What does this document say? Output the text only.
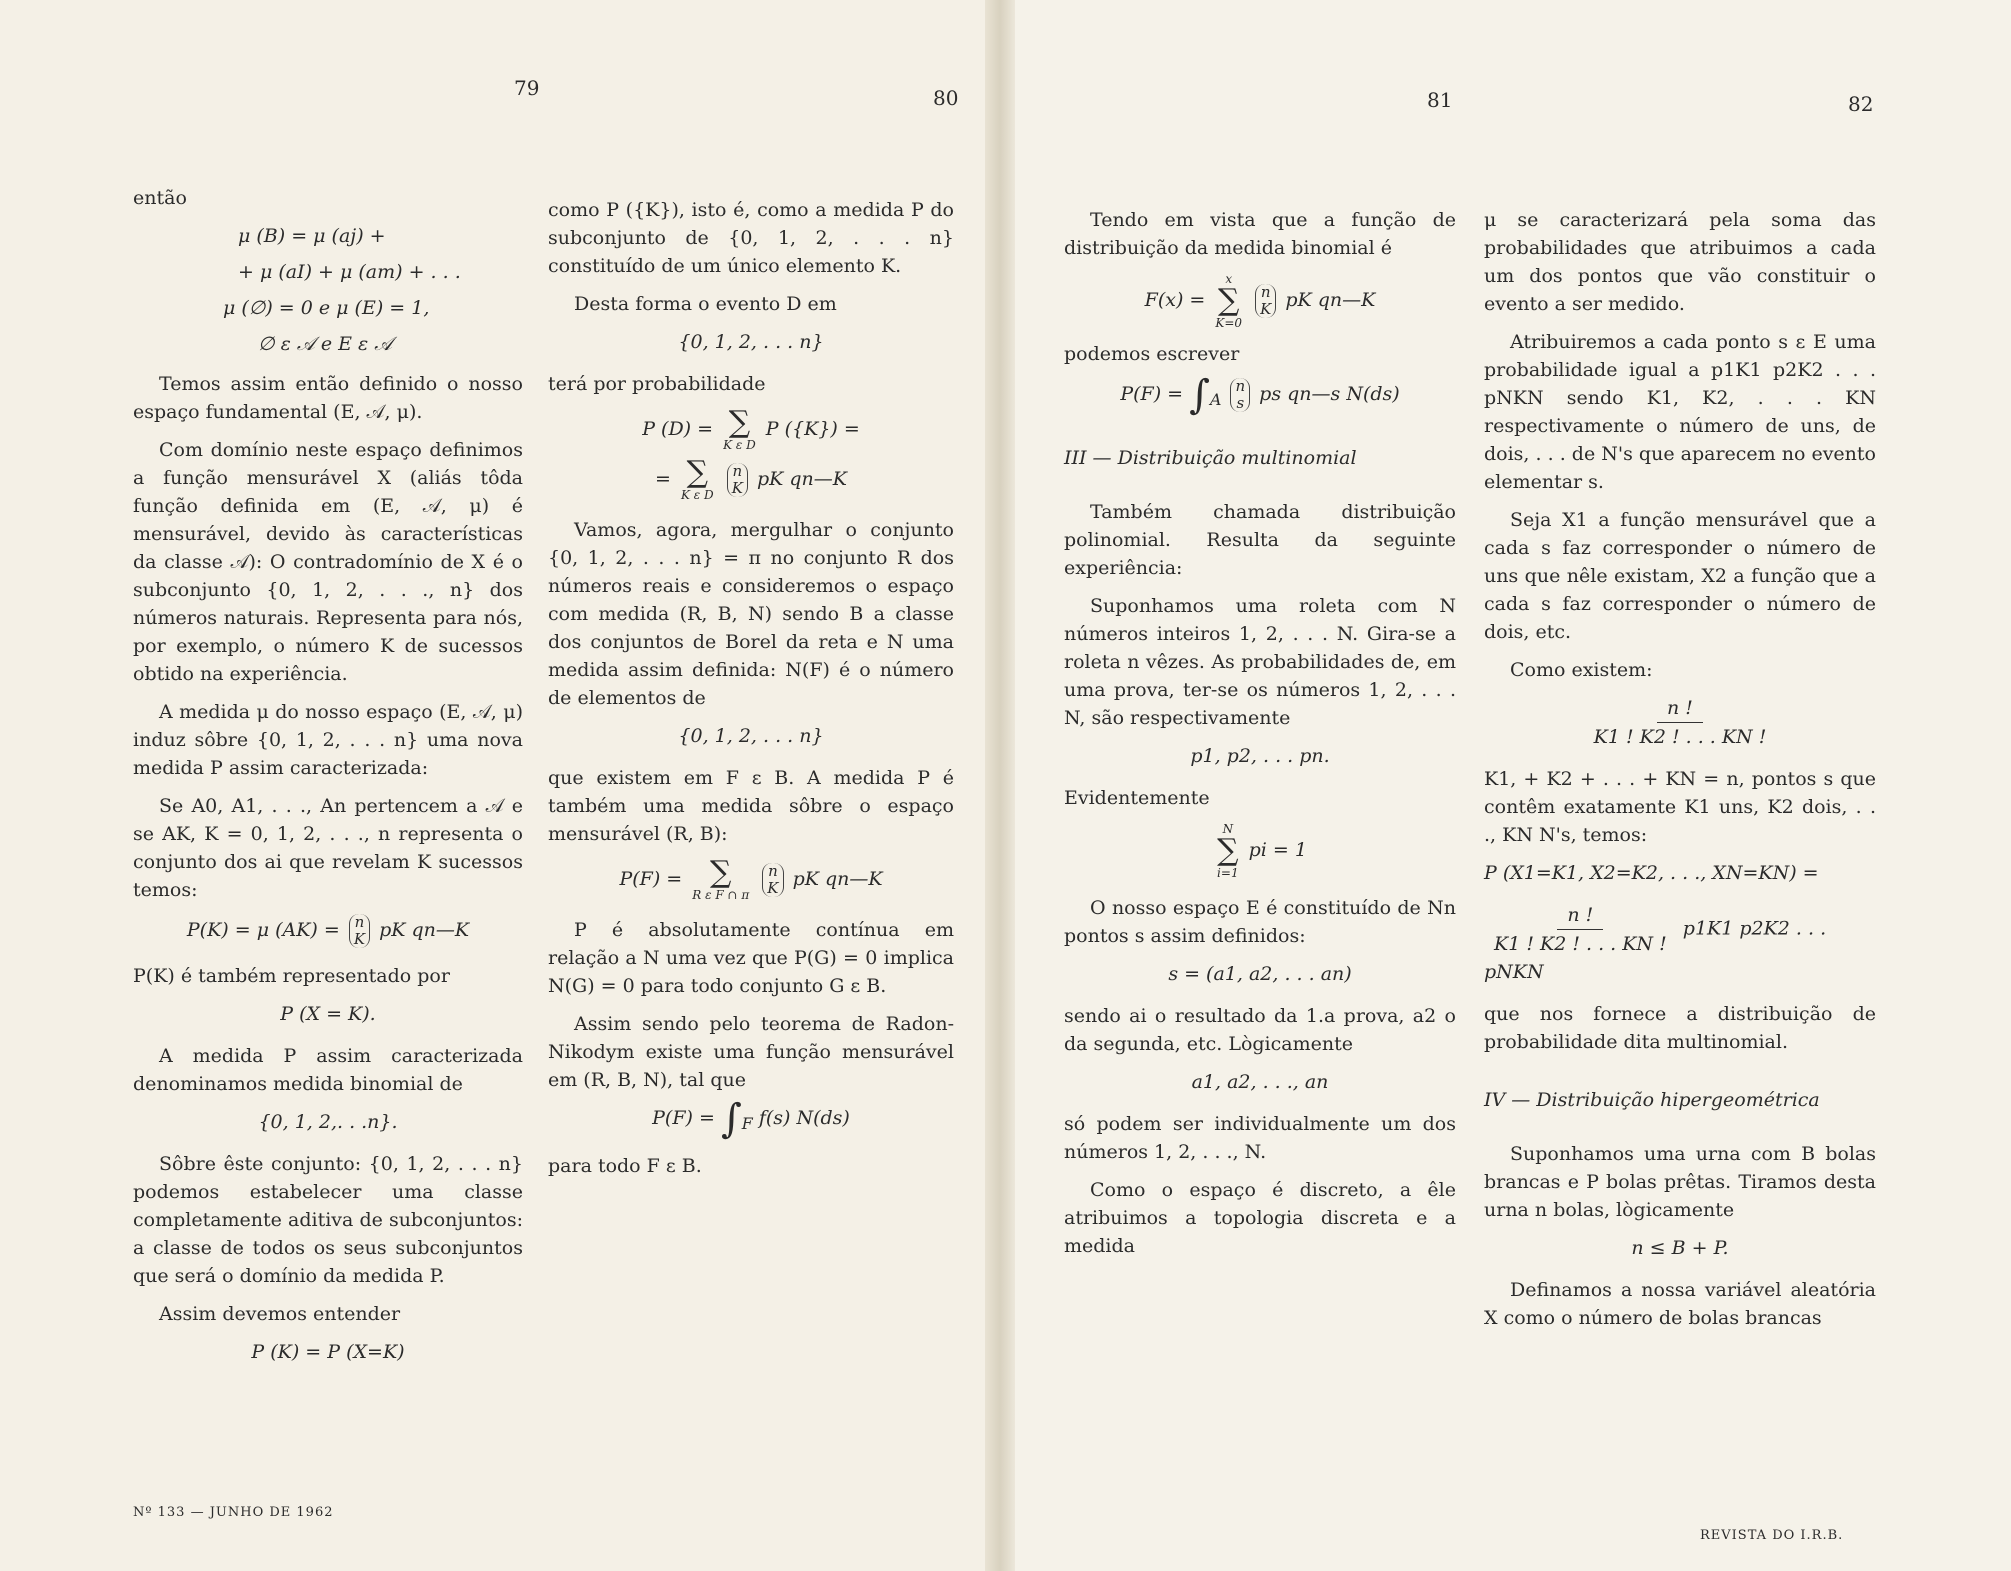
79	80	81	82

então

μ (B) = μ (aj) +
+ μ (aI) + μ (am) + . . .
μ (∅) = 0 e μ (E) = 1,
∅ ε 𝒜 e E ε 𝒜

Temos assim então definido o nosso espaço fundamental (E, 𝒜, μ).

Com domínio neste espaço definimos a função mensurável X (aliás tôda função definida em (E, 𝒜, μ) é mensurável, devido às características da classe 𝒜): O contradomínio de X é o subconjunto {0, 1, 2, . . ., n} dos números naturais. Representa para nós, por exemplo, o número K de sucessos obtido na experiência.

A medida μ do nosso espaço (E, 𝒜, μ) induz sôbre {0, 1, 2, . . . n} uma nova medida P assim caracterizada:

Se A0, A1, . . ., An pertencem a 𝒜 e se AK, K = 0, 1, 2, . . ., n representa o conjunto dos ai que revelam K sucessos temos:

P(K) = μ (AK) = n
K pK qn—K

P(K) é também representado por

P (X = K).

A medida P assim caracterizada denominamos medida binomial de

{0, 1, 2,. . .n}.

Sôbre êste conjunto: {0, 1, 2, . . . n} podemos estabelecer uma classe completamente aditiva de subconjuntos: a classe de todos os seus subconjuntos que será o domínio da medida P.

Assim devemos entender

P (K) = P (X=K)

como P ({K}), isto é, como a medida P do subconjunto de {0, 1, 2, . . . n} constituído de um único elemento K.

Desta forma o evento D em

{0, 1, 2, . . . n}

terá por probabilidade

P (D) = ∑
K ε D
P ({K}) =
= ∑
K ε D

n
K pK qn—K

Vamos, agora, mergulhar o conjunto {0, 1, 2, . . . n} = π no conjunto R dos números reais e consideremos o espaço com medida (R, B, N) sendo B a classe dos conjuntos de Borel da reta e N uma medida assim definida: N(F) é o número de elementos de

{0, 1, 2, . . . n}

que existem em F ε B. A medida P é também uma medida sôbre o espaço mensurável (R, B):

P(F) = ∑
R ε F ∩ π

n
K pK qn—K

P é absolutamente contínua em relação a N uma vez que P(G) = 0 implica N(G) = 0 para todo conjunto G ε B.

Assim sendo pelo teorema de Radon-Nikodym existe uma função mensurável em (R, B, N), tal que

$P(F) = \int_F$ f(s) N(ds)

para todo F ε B.

Tendo em vista que a função de distribuição da medida binomial é

F(x) =
x
∑
K=0

n
K pK qn—K

podemos escrever

$P(F) = \int_A$
n
s ps qn—s N(ds)
III — Distribuição multinomial

Também chamada distribuição polinomial. Resulta da seguinte experiência:

Suponhamos uma roleta com N números inteiros 1, 2, . . . N. Gira-se a roleta n vêzes. As probabilidades de, em uma prova, ter-se os números 1, 2, . . . N, são respectivamente

p1, p2, . . . pn.

Evidentemente

N
∑
i=1
pi = 1

O nosso espaço E é constituído de Nn pontos s assim definidos:

s = (a1, a2, . . . an)

sendo ai o resultado da 1.a prova, a2 o da segunda, etc. Lògicamente

a1, a2, . . ., an

só podem ser individualmente um dos números 1, 2, . . ., N.

Como o espaço é discreto, a êle atribuimos a topologia discreta e a medida

μ se caracterizará pela soma das probabilidades que atribuimos a cada um dos pontos que vão constituir o evento a ser medido.

Atribuiremos a cada ponto s ε E uma probabilidade igual a p1K1 p2K2 . . . pNKN sendo K1, K2, . . . KN respectivamente o número de uns, de dois, . . . de N's que aparecem no evento elementar s.

Seja X1 a função mensurável que a cada s faz corresponder o número de uns que nêle existam, X2 a função que a cada s faz corresponder o número de dois, etc.

Como existem:

$\frac{n !}{K1 ! K2 ! . . . KN !}$

K1, + K2 + . . . + KN = n, pontos s que contêm exatamente K1 uns, K2 dois, . . ., KN N's, temos:

P (X1=K1, X2=K2, . . ., XN=KN) =
$\frac{n !}{K1 ! K2 ! . . . KN !} p1K1$ p2K2 . . . pNKN

que nos fornece a distribuição de probabilidade dita multinomial.

IV — Distribuição hipergeométrica

Suponhamos uma urna com B bolas brancas e P bolas prêtas. Tiramos desta urna n bolas, lògicamente

n ≤ B + P.

Definamos a nossa variável aleatória X como o número de bolas brancas

Nº 133 — JUNHO DE 1962
REVISTA DO I.R.B.
